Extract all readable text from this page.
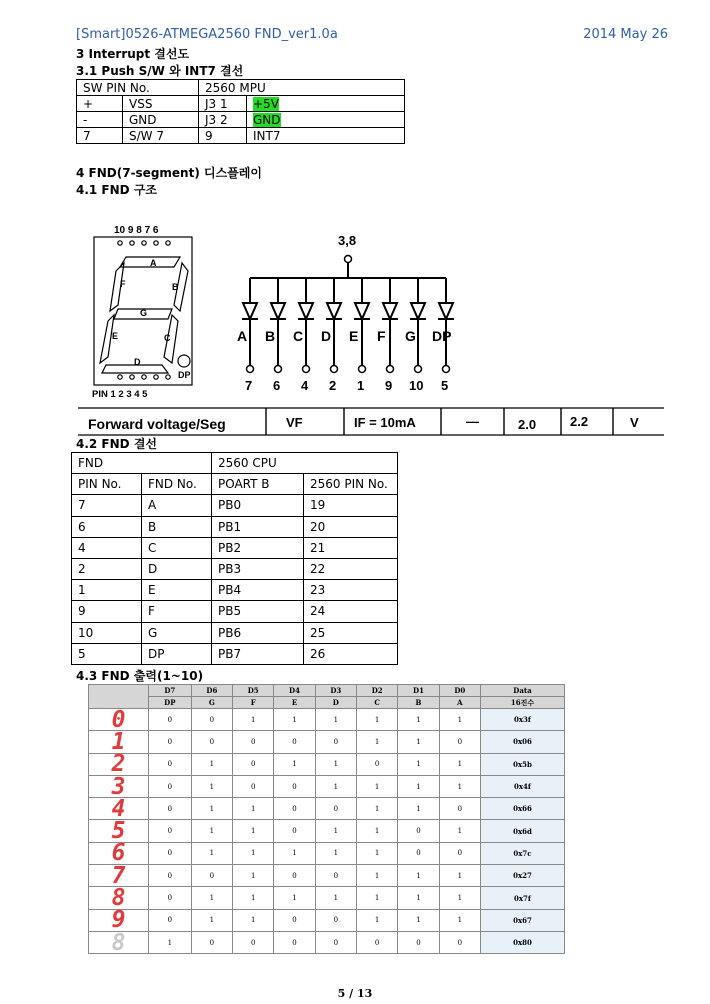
[Smart]0526-ATMEGA2560 FND_ver1.0a	2014 May 26
3 Interrupt 결선도
3.1 Push S/W 와 INT7 결선
SW PIN No.		2560 MPU	
+	VSS	J3 1	+5V
-	GND	J3 2	GND
7	S/W 7	9	INT7
4 FND(7-segment) 디스플레이
4.1 FND 구조
10 9 8 7 6
A
F	B
G
E	C
D
DP
PIN 1 2 3 4 5
3,8
A
7
B
6
C
4
D
2
E
1
F
9
G
10
DP
5
Forward voltage/Seg	VF	IF = 10mA	—	2.0	2.2	V
4.2 FND 결선
FND		2560 CPU	
PIN No.	FND No.	POART B	2560 PIN No.
7	A	PB0	19
6	B	PB1	20
4	C	PB2	21
2	D	PB3	22
1	E	PB4	23
9	F	PB5	24
10	G	PB6	25
5	DP	PB7	26
4.3 FND 출력(1~10)
	D7	D6	D5	D4	D3	D2	D1	D0	Data
	DP	G	F	E	D	C	B	A	16진수
0	0	0	1	1	1	1	1	1	0x3f
1	0	0	0	0	0	1	1	0	0x06
2	0	1	0	1	1	0	1	1	0x5b
3	0	1	0	0	1	1	1	1	0x4f
4	0	1	1	0	0	1	1	0	0x66
5	0	1	1	0	1	1	0	1	0x6d
6	0	1	1	1	1	1	0	0	0x7c
7	0	0	1	0	0	1	1	1	0x27
8	0	1	1	1	1	1	1	1	0x7f
9	0	1	1	0	0	1	1	1	0x67
8	1	0	0	0	0	0	0	0	0x80
5 / 13
